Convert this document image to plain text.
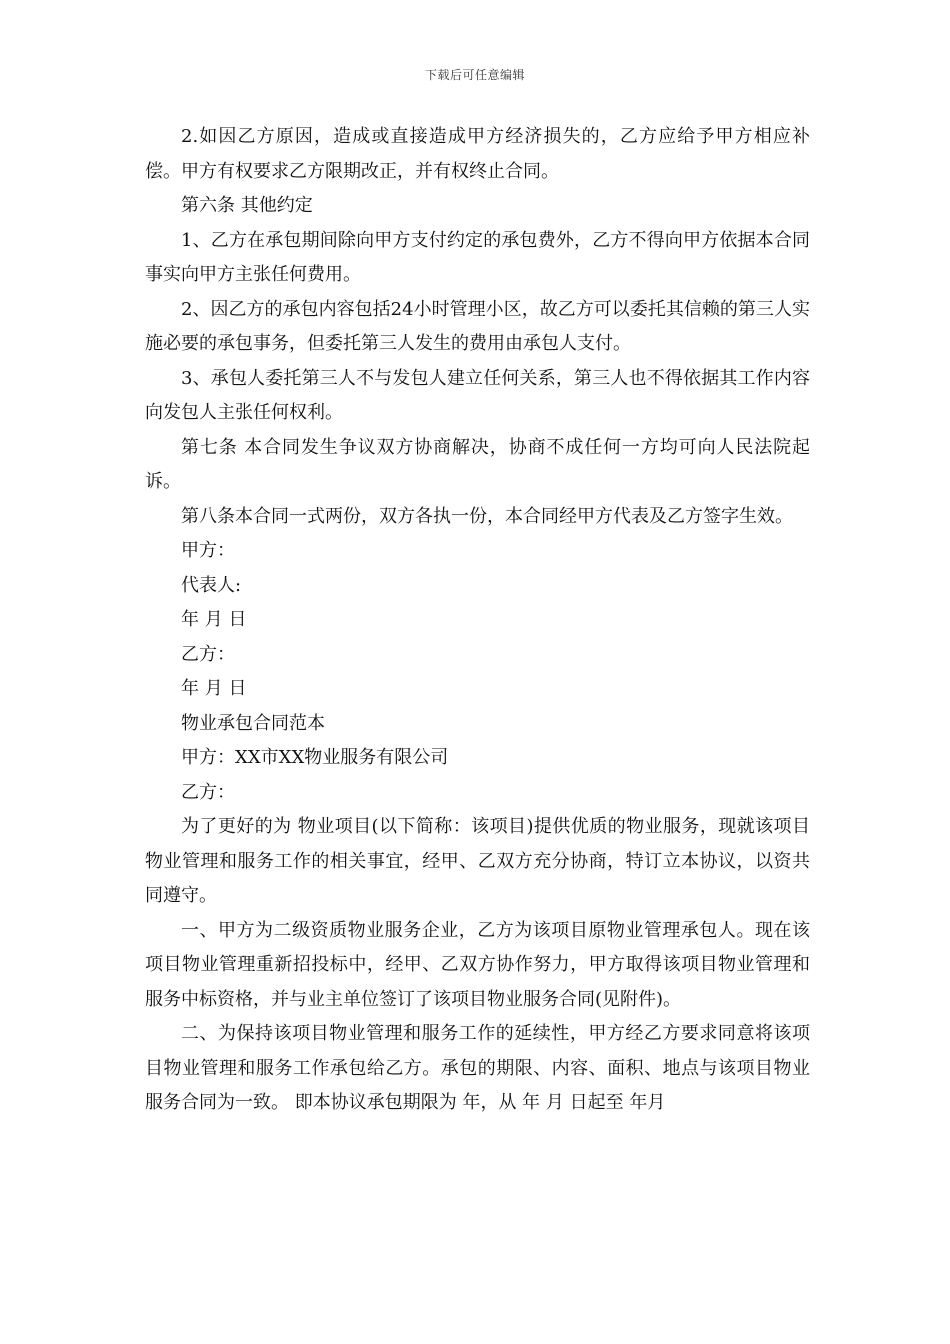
下载后可任意编辑

2.如因乙方原因，造成或直接造成甲方经济损失的，乙方应给予甲方相应补偿。甲方有权要求乙方限期改正，并有权终止合同。

第六条 其他约定

1、乙方在承包期间除向甲方支付约定的承包费外，乙方不得向甲方依据本合同事实向甲方主张任何费用。

2、因乙方的承包内容包括24小时管理小区，故乙方可以委托其信赖的第三人实施必要的承包事务，但委托第三人发生的费用由承包人支付。

3、承包人委托第三人不与发包人建立任何关系，第三人也不得依据其工作内容向发包人主张任何权利。

第七条 本合同发生争议双方协商解决，协商不成任何一方均可向人民法院起诉。

第八条本合同一式两份，双方各执一份，本合同经甲方代表及乙方签字生效。

甲方：

代表人:

年 月 日

乙方：

年 月 日

物业承包合同范本

甲方：XX市XX物业服务有限公司

乙方：

为了更好的为 物业项目(以下简称：该项目)提供优质的物业服务，现就该项目物业管理和服务工作的相关事宜，经甲、乙双方充分协商，特订立本协议，以资共同遵守。

一、甲方为二级资质物业服务企业，乙方为该项目原物业管理承包人。现在该项目物业管理重新招投标中，经甲、乙双方协作努力，甲方取得该项目物业管理和服务中标资格，并与业主单位签订了该项目物业服务合同(见附件)。

二、为保持该项目物业管理和服务工作的延续性，甲方经乙方要求同意将该项目物业管理和服务工作承包给乙方。承包的期限、内容、面积、地点与该项目物业服务合同为一致。 即本协议承包期限为 年，从 年 月 日起至 年月
